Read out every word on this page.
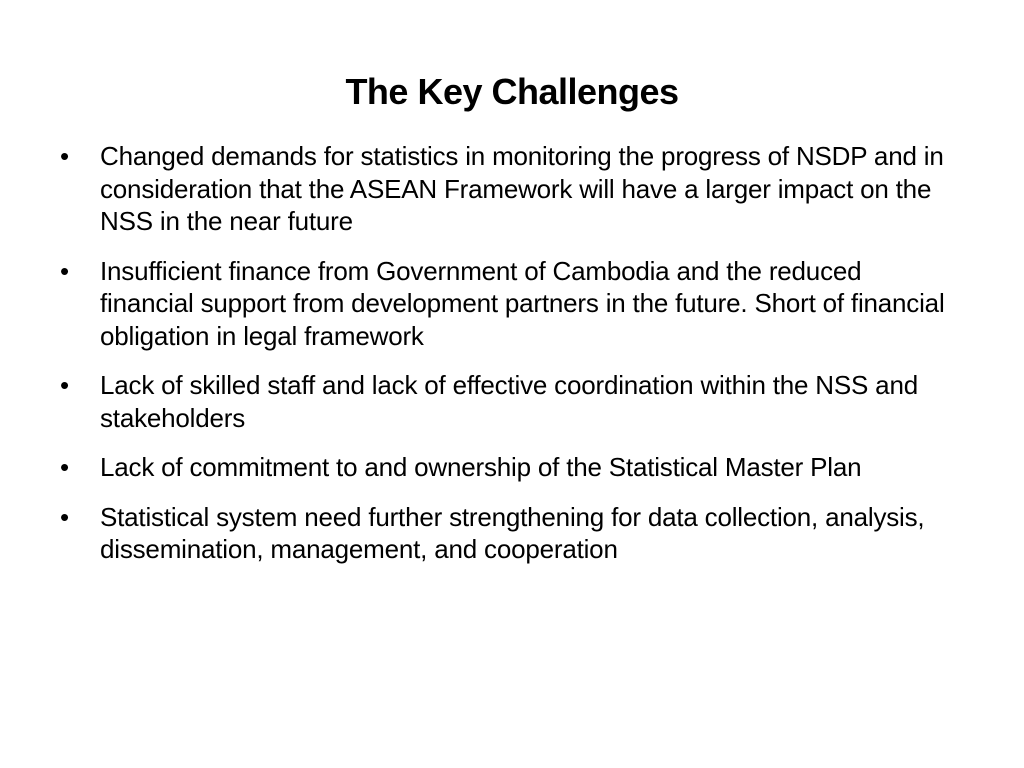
The Key Challenges
• Changed demands for statistics in monitoring the progress of NSDP and in consideration that the ASEAN Framework will have a larger impact on the NSS in the near future
• Insufficient finance from Government of Cambodia and the reduced financial support from development partners in the future. Short of financial obligation in legal framework
• Lack of skilled staff and lack of effective coordination within the NSS and stakeholders
• Lack of commitment to and ownership of the Statistical Master Plan
• Statistical system need further strengthening for data collection, analysis, dissemination, management, and cooperation
